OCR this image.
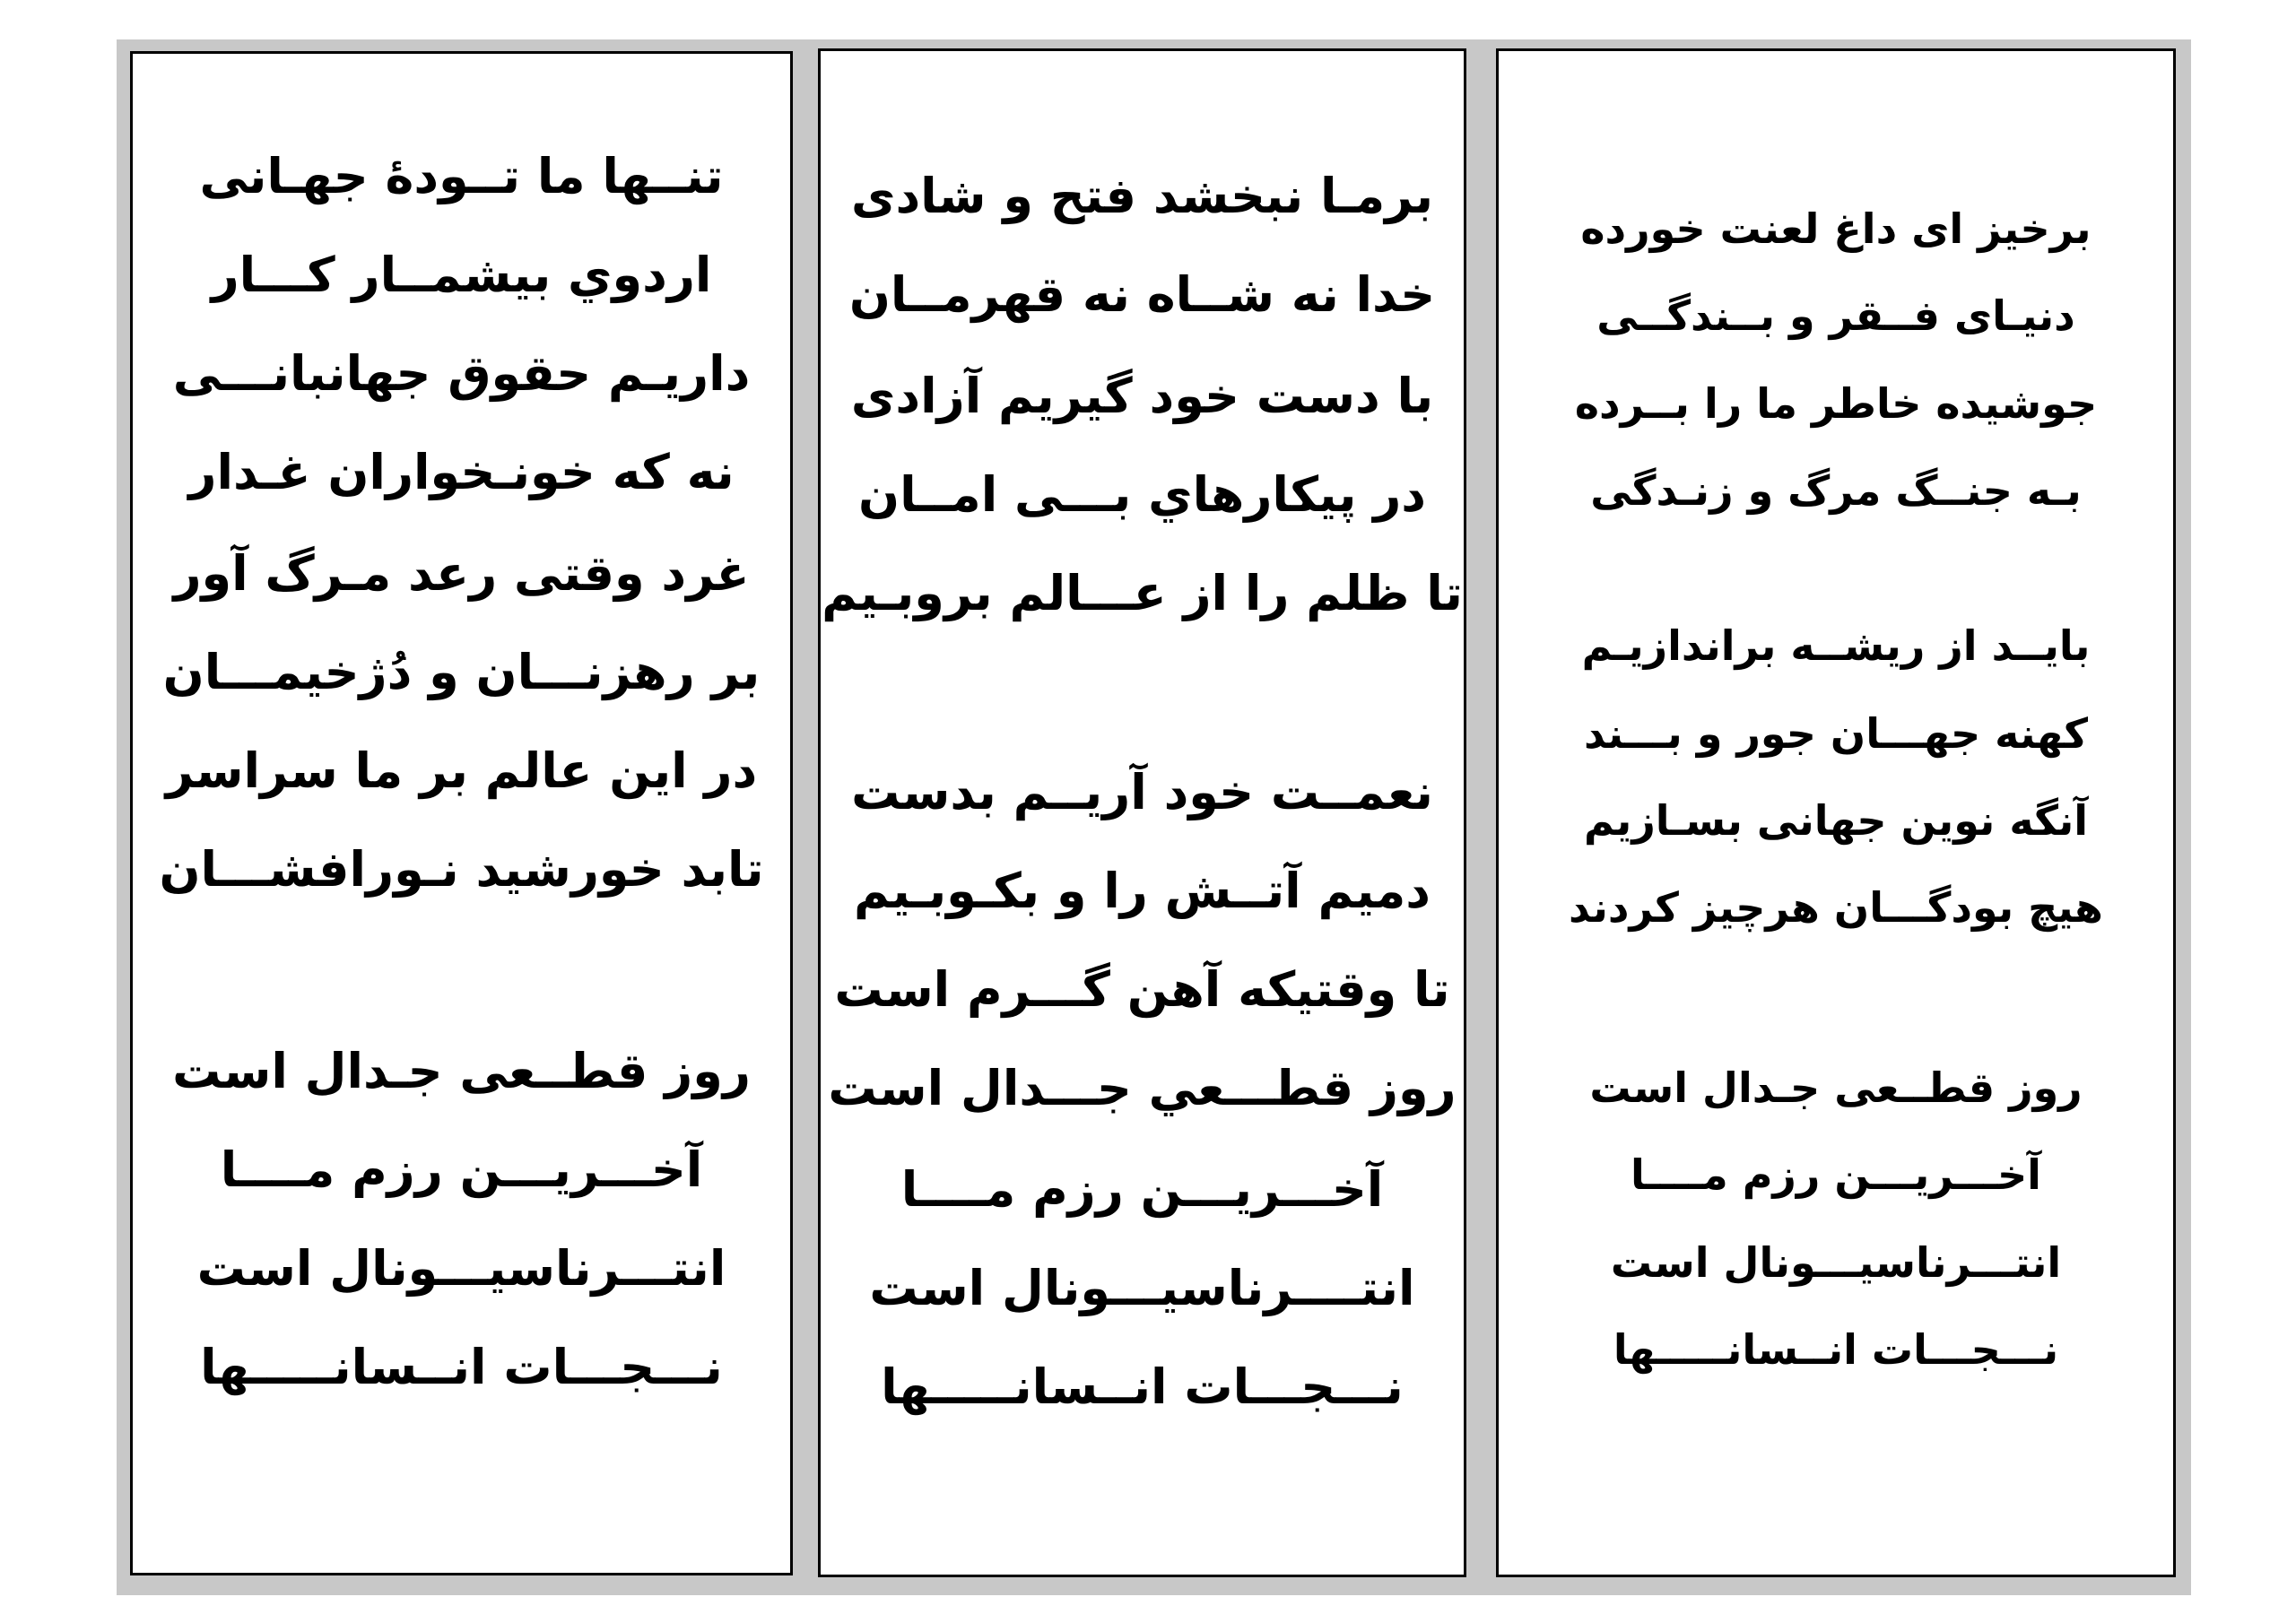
تنــها ما تــودهٔ جهـانی
اردوي بیشمــار کـــار
داریـم حقوق جهانبانـــی
نه که خونـخواران غـدار
غرد وقتی رعد مـرگ آور
بر رهزنـــان و دُژخیمـــان
در این عالم بر ما سراسر
تابد خورشید نـورافشـــان
روز قطــعی جـدال است
آخـــریـــن رزم مــــا
انتـــرناسیـــونال است
نـــجـــات انــسانـــــها
برمـا نبخشد فتح و شادی
خدا نه شــاه نه قهرمــان
با دست خود گیریم آزادی
در پیکارهاي بـــی امــان
تا ظلم را از عـــالم بروبـیم
نعمــت خود آریــم بدست
دمیم آتــش را و بکـوبـیم
تا وقتیکه آهن گـــرم است
روز قطـــعي جـــدال است
آخـــریـــن رزم مــــا
انتــــرناسیـــونال است
نـــجـــات انــسانـــــها
برخیز ای داغ لعنت خورده
دنیـای فــقر و بــندگــی
جوشیده خاطر ما را بــرده
بـه جنــگ مرگ و زنـدگی
بایــد از ریشــه براندازیـم
کهنه جهـــان جور و بـــند
آنگه نوین جهانی بسـازیم
هیچ بودگـــان هرچیز کردند
روز قطــعی جـدال است
آخـــریـــن رزم مــــا
انتـــرناسیـــونال است
نـــجـــات انــسانـــــها
